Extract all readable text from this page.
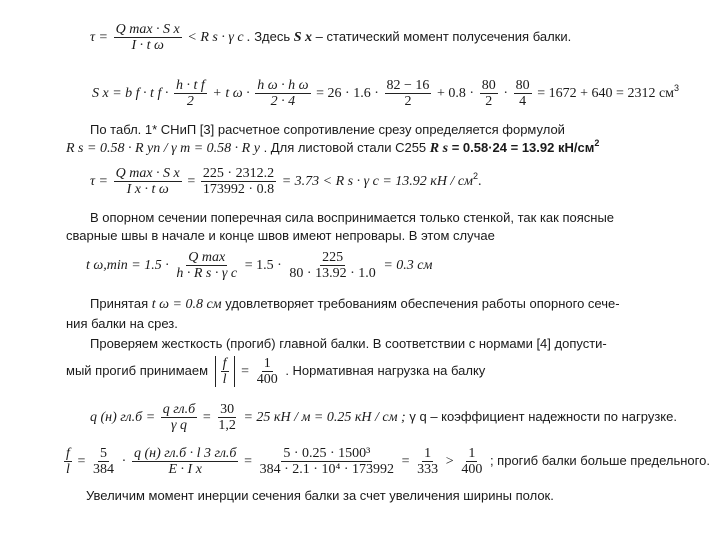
$\tau = \frac{\text{Q max · S x}}{\text{I · t ω}} < R$ s · γ c . Здесь S x – статический момент полусечения балки.
S x = b f · t $f \cdot \frac{\text{h · t f}}{2} + t$ $\omega \cdot \frac{\text{h ω · h ω}}{2 \cdot 4} = 26 \cdot 1.6 \cdot \frac{82 - 16}{2} + 0.8 \cdot \frac{80}{2} \cdot \frac{80}{4} = 1672 + 640 = 2312$ $см^3$
По табл. 1* СНиП [3] расчетное сопротивление срезу определяется формулой
R s = 0.58 · R yn / γ m = 0.58 · R y . Для листовой стали С255 R s = 0.58·24 = 13.92 $кН/см^2$
$\tau = \frac{\text{Q max · S x}}{\text{I x · t ω}} = \frac{225 \cdot 2312.2}{173992 \cdot 0.8} = 3.73 < R$ s · γ c = 13.92 кН / $см^2$.
В опорном сечении поперечная сила воспринимается только стенкой, так как поясные
сварные швы в начале и конце швов имеют непровары. В этом случае
t $\omega,\min = 1.5 \cdot \frac{\text{Q max}}{\text{h · R s · γ c}} = 1.5 \cdot \frac{225}{80 \cdot 13.92 \cdot 1.0} = 0.3$ см
Принятая t ω = 0.8 см удовлетворяет требованиям обеспечения работы опорного сече-
ния балки на срез.
Проверяем жесткость (прогиб) главной балки. В соответствии с нормами [4] допусти-
мый прогиб принимаем $\frac{f}{l} = \frac{1}{400}$ . Нормативная нагрузка на балку
q (н) $гл.б = \frac{\text{q гл.б}}{\text{γ q}} = \frac{30}{1,2} = 25$ кН / м = 0.25 кН / см ; γ q – коэффициент надежности по нагрузке.
$\frac{f}{l} = \frac{5}{384} \cdot \frac{q (н) гл.б \cdot l 3 гл.б}{\text{E · I x}} = \frac{\text{5 · 0.25 · 1500³}}{\text{384 · 2.1 · 10⁴ · 173992}} = \frac{1}{333} > \frac{1}{400}$ ; прогиб балки больше предельного.
Увеличим момент инерции сечения балки за счет увеличения ширины полок.
